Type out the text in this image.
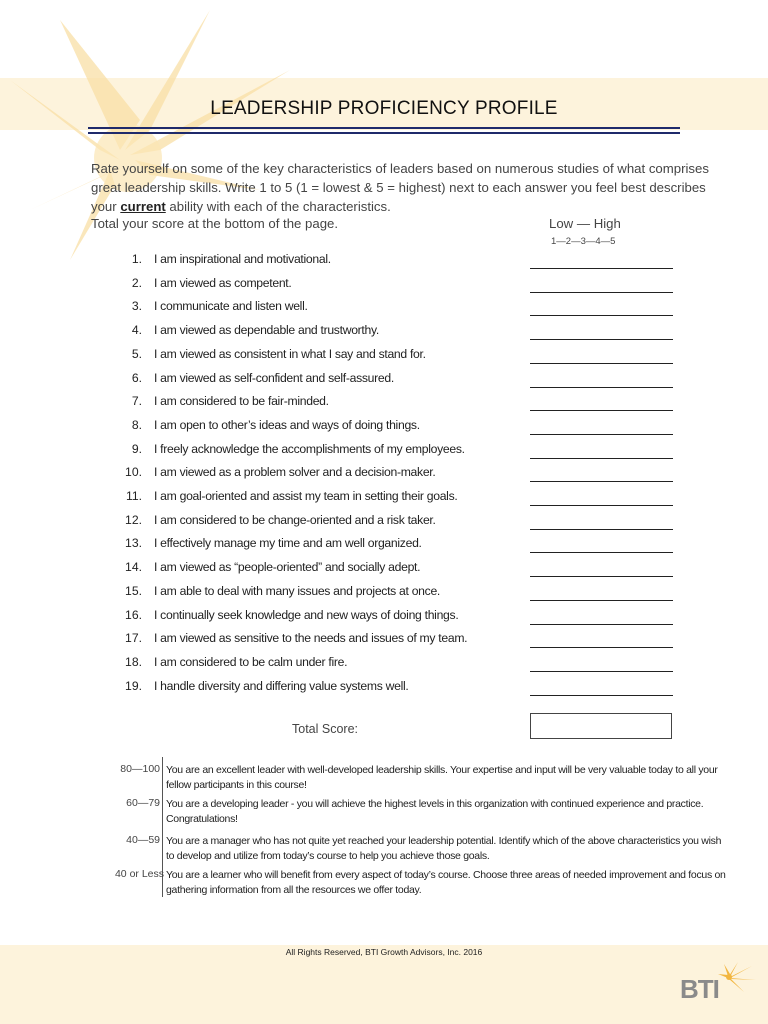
LEADERSHIP PROFICIENCY PROFILE
Rate yourself on some of the key characteristics of leaders based on numerous studies of what comprises great leadership skills. Write 1 to 5 (1 = lowest & 5 = highest) next to each answer you feel best describes your current ability with each of the characteristics.
Total your score at the bottom of the page.	Low — High
1—2—3—4—5
1. I am inspirational and motivational.
2. I am viewed as competent.
3. I communicate and listen well.
4. I am viewed as dependable and trustworthy.
5. I am viewed as consistent in what I say and stand for.
6. I am viewed as self-confident and self-assured.
7. I am considered to be fair-minded.
8. I am open to other’s ideas and ways of doing things.
9. I freely acknowledge the accomplishments of my employees.
10. I am viewed as a problem solver and a decision-maker.
11. I am goal-oriented and assist my team in setting their goals.
12. I am considered to be change-oriented and a risk taker.
13. I effectively manage my time and am well organized.
14. I am viewed as “people-oriented” and socially adept.
15. I am able to deal with many issues and projects at once.
16. I continually seek knowledge and new ways of doing things.
17. I am viewed as sensitive to the needs and issues of my team.
18. I am considered to be calm under fire.
19. I handle diversity and differing value systems well.
Total Score:
80—100 You are an excellent leader with well-developed leadership skills. Your expertise and input will be very valuable today to all your fellow participants in this course!
60—79 You are a developing leader - you will achieve the highest levels in this organization with continued experience and practice. Congratulations!
40—59 You are a manager who has not quite yet reached your leadership potential. Identify which of the above characteristics you wish to develop and utilize from today’s course to help you achieve those goals.
40 or Less You are a learner who will benefit from every aspect of today’s course. Choose three areas of needed improvement and focus on gathering information from all the resources we offer today.
All Rights Reserved, BTI Growth Advisors, Inc. 2016
BTI
